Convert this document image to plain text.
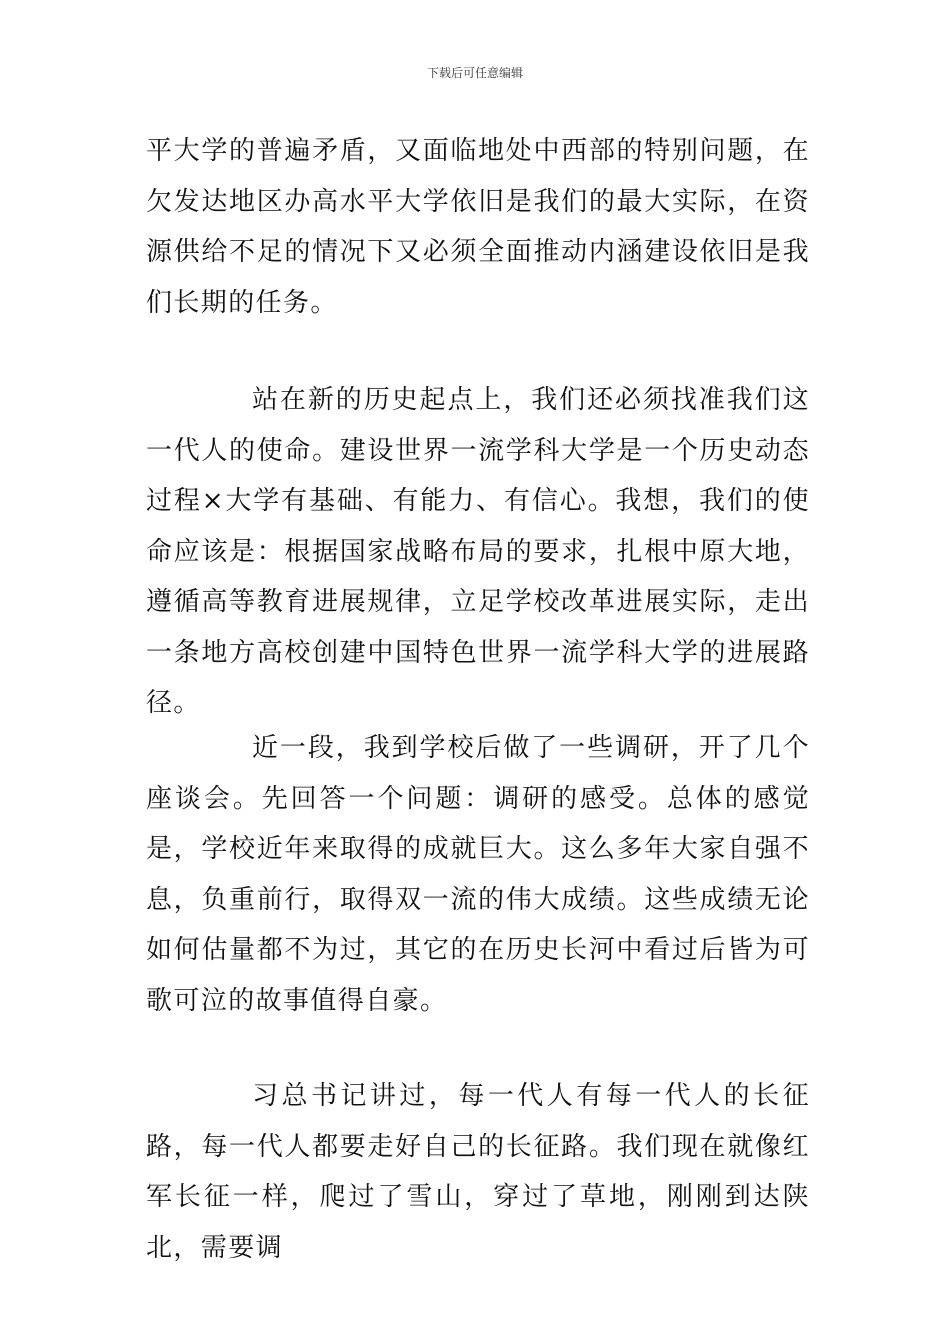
下载后可任意编辑

平大学的普遍矛盾，又面临地处中西部的特别问题，在欠发达地区办高水平大学依旧是我们的最大实际，在资源供给不足的情况下又必须全面推动内涵建设依旧是我们长期的任务。

站在新的历史起点上，我们还必须找准我们这一代人的使命。建设世界一流学科大学是一个历史动态过程×大学有基础、有能力、有信心。我想，我们的使命应该是：根据国家战略布局的要求，扎根中原大地，遵循高等教育进展规律，立足学校改革进展实际，走出一条地方高校创建中国特色世界一流学科大学的进展路径。

近一段，我到学校后做了一些调研，开了几个座谈会。先回答一个问题：调研的感受。总体的感觉是，学校近年来取得的成就巨大。这么多年大家自强不息，负重前行，取得双一流的伟大成绩。这些成绩无论如何估量都不为过，其它的在历史长河中看过后皆为可歌可泣的故事值得自豪。

习总书记讲过，每一代人有每一代人的长征路，每一代人都要走好自己的长征路。我们现在就像红军长征一样，爬过了雪山，穿过了草地，刚刚到达陕北，需要调
